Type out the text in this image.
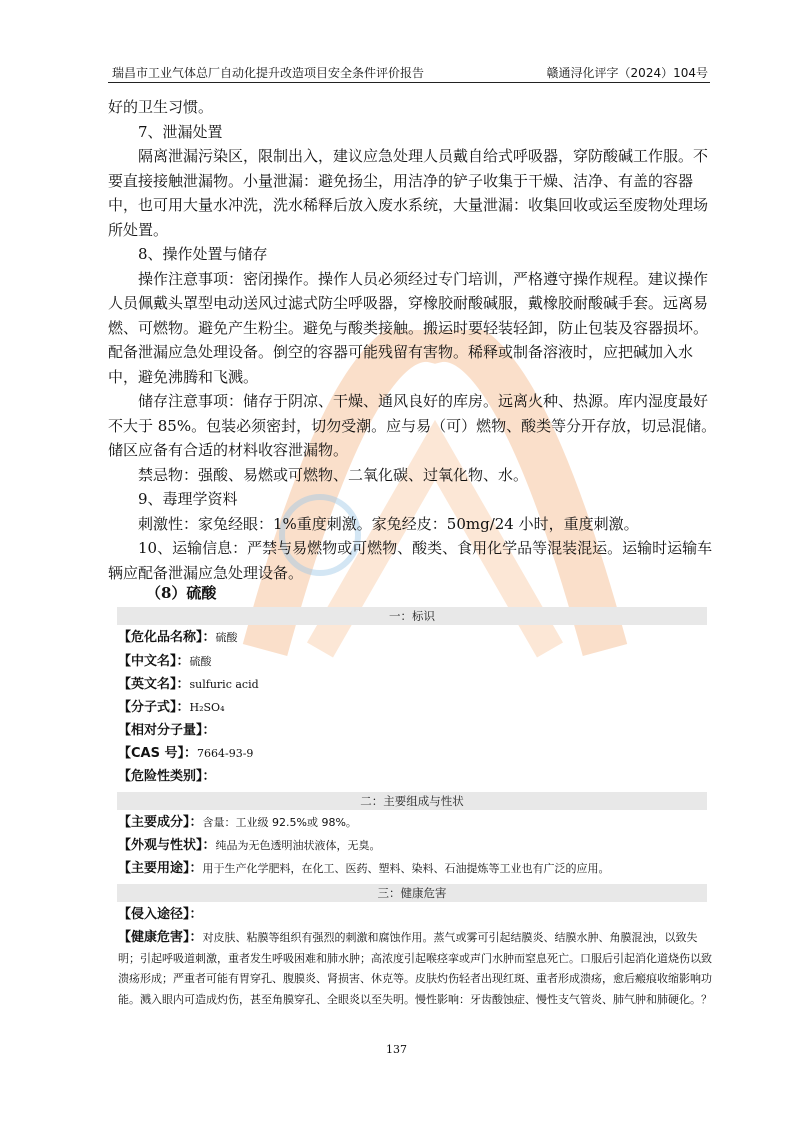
瑞昌市工业气体总厂自动化提升改造项目安全条件评价报告	赣通浔化评字（2024）104号

好的卫生习惯。

7、泄漏处置

隔离泄漏污染区，限制出入，建议应急处理人员戴自给式呼吸器，穿防酸碱工作服。不要直接接触泄漏物。小量泄漏：避免扬尘，用洁净的铲子收集于干燥、洁净、有盖的容器中，也可用大量水冲洗，洗水稀释后放入废水系统，大量泄漏：收集回收或运至废物处理场所处置。

8、操作处置与储存

操作注意事项：密闭操作。操作人员必须经过专门培训，严格遵守操作规程。建议操作人员佩戴头罩型电动送风过滤式防尘呼吸器，穿橡胶耐酸碱服，戴橡胶耐酸碱手套。远离易燃、可燃物。避免产生粉尘。避免与酸类接触。搬运时要轻装轻卸，防止包装及容器损坏。配备泄漏应急处理设备。倒空的容器可能残留有害物。稀释或制备溶液时，应把碱加入水中，避免沸腾和飞溅。

储存注意事项：储存于阴凉、干燥、通风良好的库房。远离火种、热源。库内湿度最好不大于 85%。包装必须密封，切勿受潮。应与易（可）燃物、酸类等分开存放，切忌混储。储区应备有合适的材料收容泄漏物。

禁忌物：强酸、易燃或可燃物、二氧化碳、过氧化物、水。

9、毒理学资料

刺激性：家兔经眼：1%重度刺激。家兔经皮：50mg/24 小时，重度刺激。

10、运输信息：严禁与易燃物或可燃物、酸类、食用化学品等混装混运。运输时运输车辆应配备泄漏应急处理设备。

（8）硫酸
一：标识
【危化品名称】：硫酸
【中文名】：硫酸
【英文名】：sulfuric acid
【分子式】：H₂SO₄
【相对分子量】：
【CAS 号】：7664-93-9
【危险性类别】：
二：主要组成与性状
【主要成分】：含量：工业级 92.5%或 98%。
【外观与性状】：纯品为无色透明油状液体，无臭。
【主要用途】：用于生产化学肥料，在化工、医药、塑料、染料、石油提炼等工业也有广泛的应用。
三：健康危害
【侵入途径】：
【健康危害】：对皮肤、粘膜等组织有强烈的刺激和腐蚀作用。蒸气或雾可引起结膜炎、结膜水肿、角膜混浊，以致失明；引起呼吸道刺激，重者发生呼吸困难和肺水肿；高浓度引起喉痉挛或声门水肿而窒息死亡。口服后引起消化道烧伤以致溃疡形成；严重者可能有胃穿孔、腹膜炎、肾损害、休克等。皮肤灼伤轻者出现红斑、重者形成溃疡，愈后瘢痕收缩影响功能。溅入眼内可造成灼伤，甚至角膜穿孔、全眼炎以至失明。慢性影响：牙齿酸蚀症、慢性支气管炎、肺气肿和肺硬化。？
137
